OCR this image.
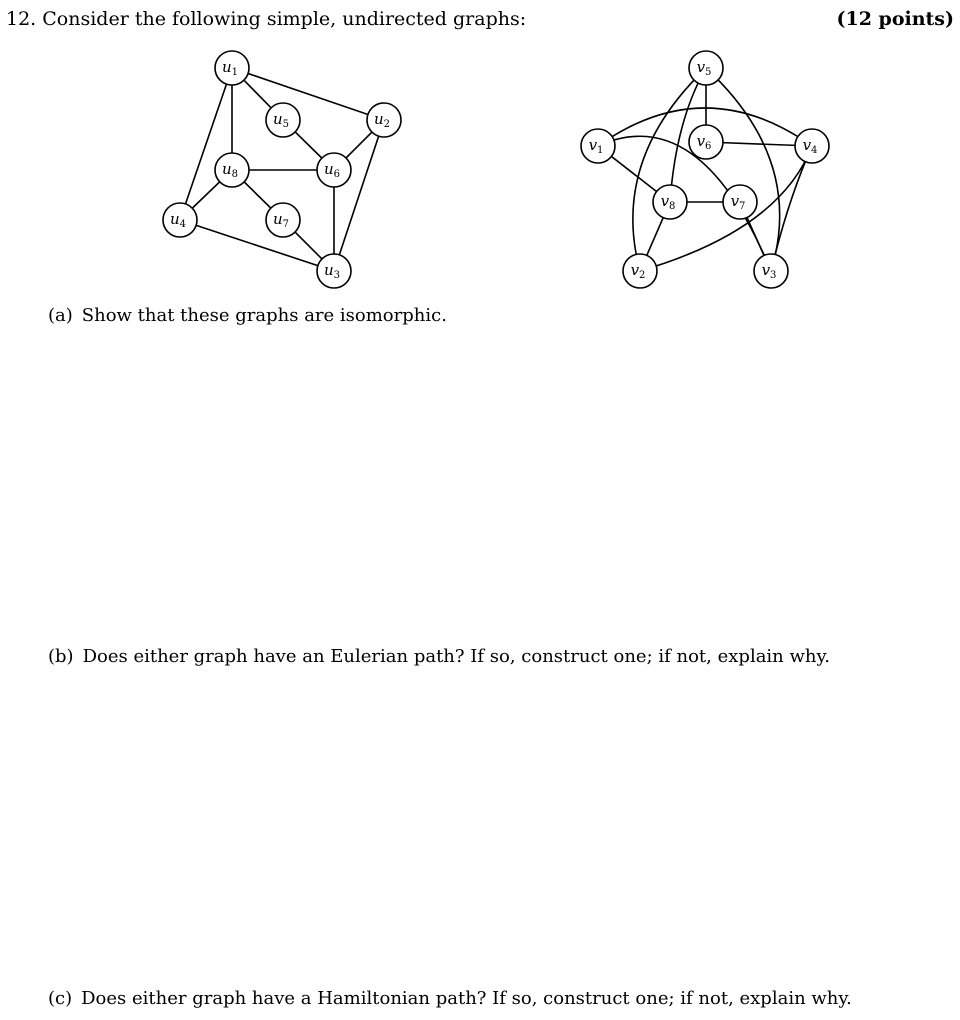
12. Consider the following simple, undirected graphs:	(12 points)
$u_1$
$u_2$
$u_3$
$u_4$
$u_5$
$u_6$
$u_7$
$u_8$
$v_1$
$v_2$	$v_3$
$v_4$
$v_5$
$v_6$
$v_7$
$v_8$
(a) Show that these graphs are isomorphic.
(b) Does either graph have an Eulerian path? If so, construct one; if not, explain why.
(c) Does either graph have a Hamiltonian path? If so, construct one; if not, explain why.
